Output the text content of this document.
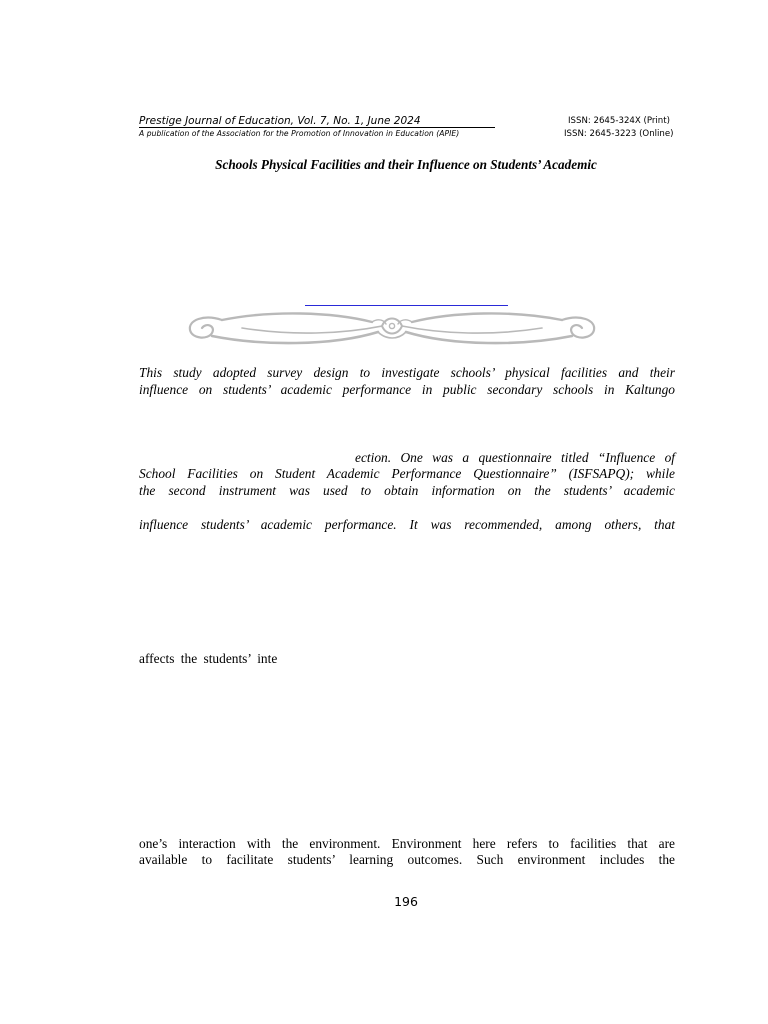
Prestige Journal of Education, Vol. 7, No. 1, June 2024
A publication of the Association for the Promotion of Innovation in Education (APIE)
ISSN: 2645-324X (Print)
ISSN: 2645-3223 (Online)
Schools Physical Facilities and their Influence on Students’ Academic
This study adopted survey design to investigate schools’ physical facilities and their
influence on students’ academic performance in public secondary schools in Kaltungo
ection. One was a questionnaire titled “Influence of
School Facilities on Student Academic Performance Questionnaire” (ISFSAPQ); while
the second instrument was used to obtain information on the students’ academic
influence students’ academic performance. It was recommended, among others, that
affects the students’ inte
one’s interaction with the environment. Environment here refers to facilities that are
available to facilitate students’ learning outcomes. Such environment includes the
196
